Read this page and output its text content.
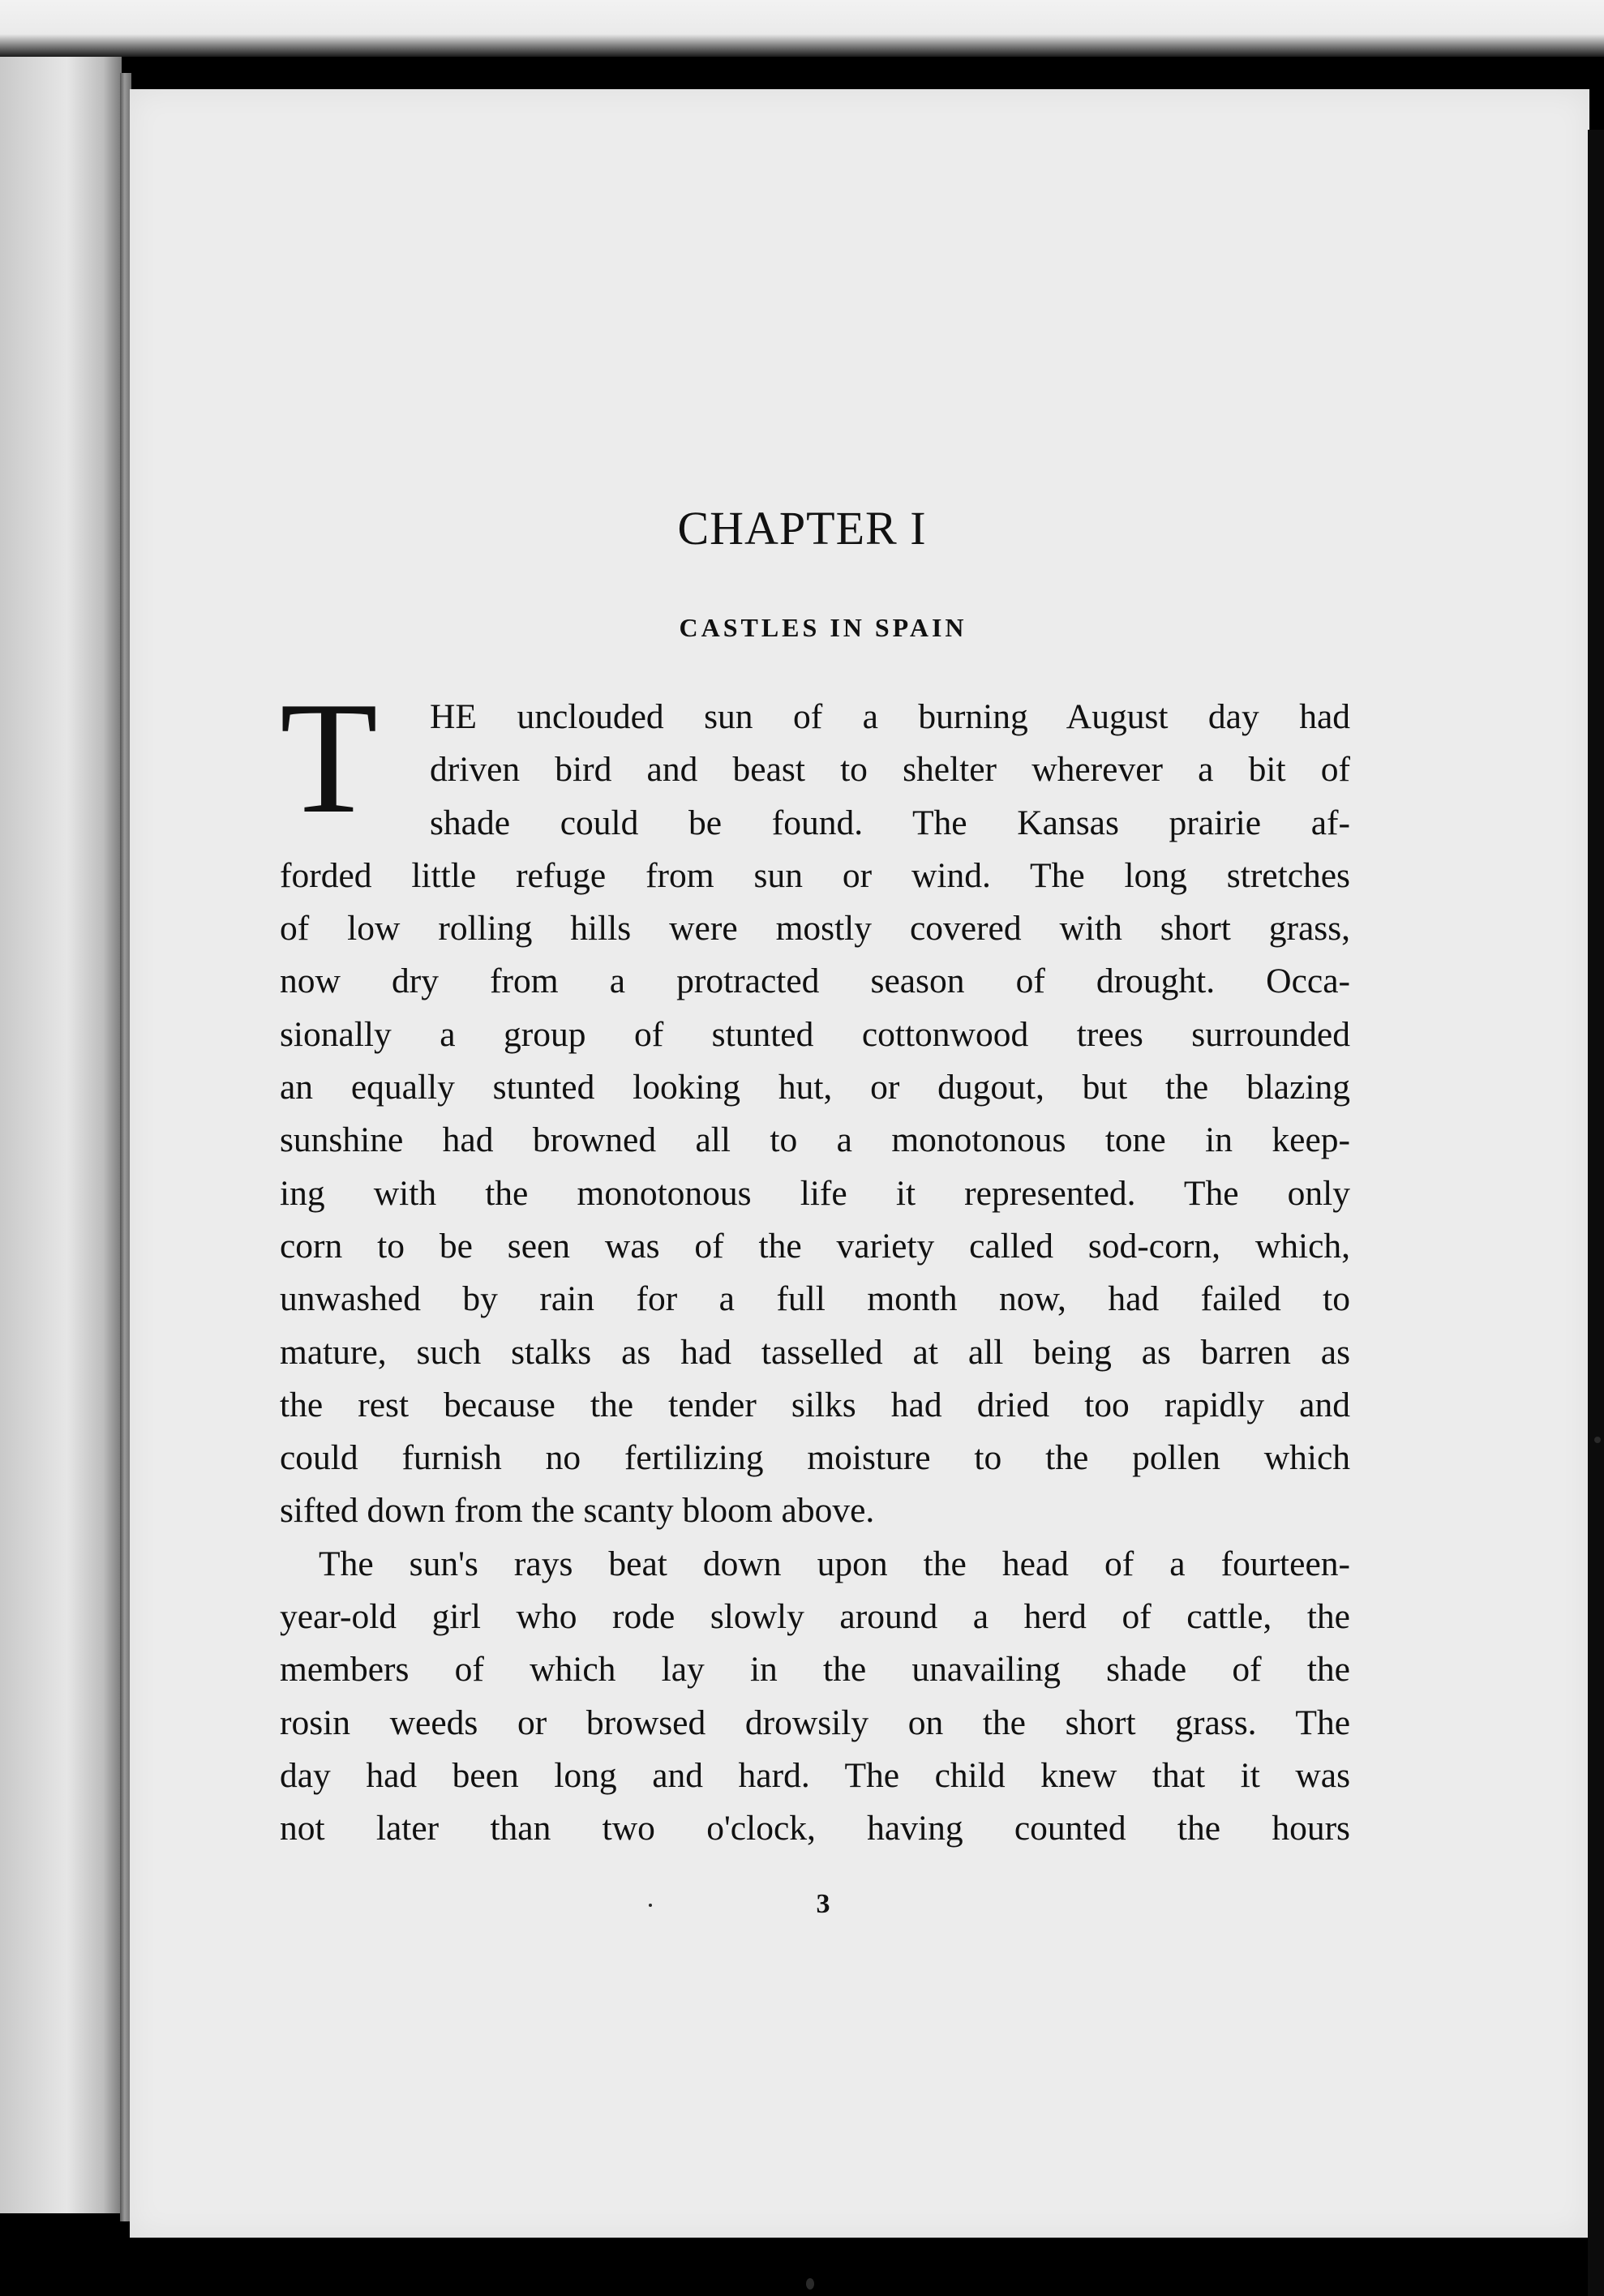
CHAPTER I
CASTLES IN SPAIN
T HE unclouded sun of a burning August day had
driven bird and beast to shelter wherever a bit of
shade could be found. The Kansas prairie af-
forded little refuge from sun or wind. The long stretches
of low rolling hills were mostly covered with short grass,
now dry from a protracted season of drought. Occa-
sionally a group of stunted cottonwood trees surrounded
an equally stunted looking hut, or dugout, but the blazing
sunshine had browned all to a monotonous tone in keep-
ing with the monotonous life it represented. The only
corn to be seen was of the variety called sod-corn, which,
unwashed by rain for a full month now, had failed to
mature, such stalks as had tasselled at all being as barren as
the rest because the tender silks had dried too rapidly and
could furnish no fertilizing moisture to the pollen which
sifted down from the scanty bloom above.
The sun's rays beat down upon the head of a fourteen-
year-old girl who rode slowly around a herd of cattle, the
members of which lay in the unavailing shade of the
rosin weeds or browsed drowsily on the short grass. The
day had been long and hard. The child knew that it was
not later than two o'clock, having counted the hours
3
